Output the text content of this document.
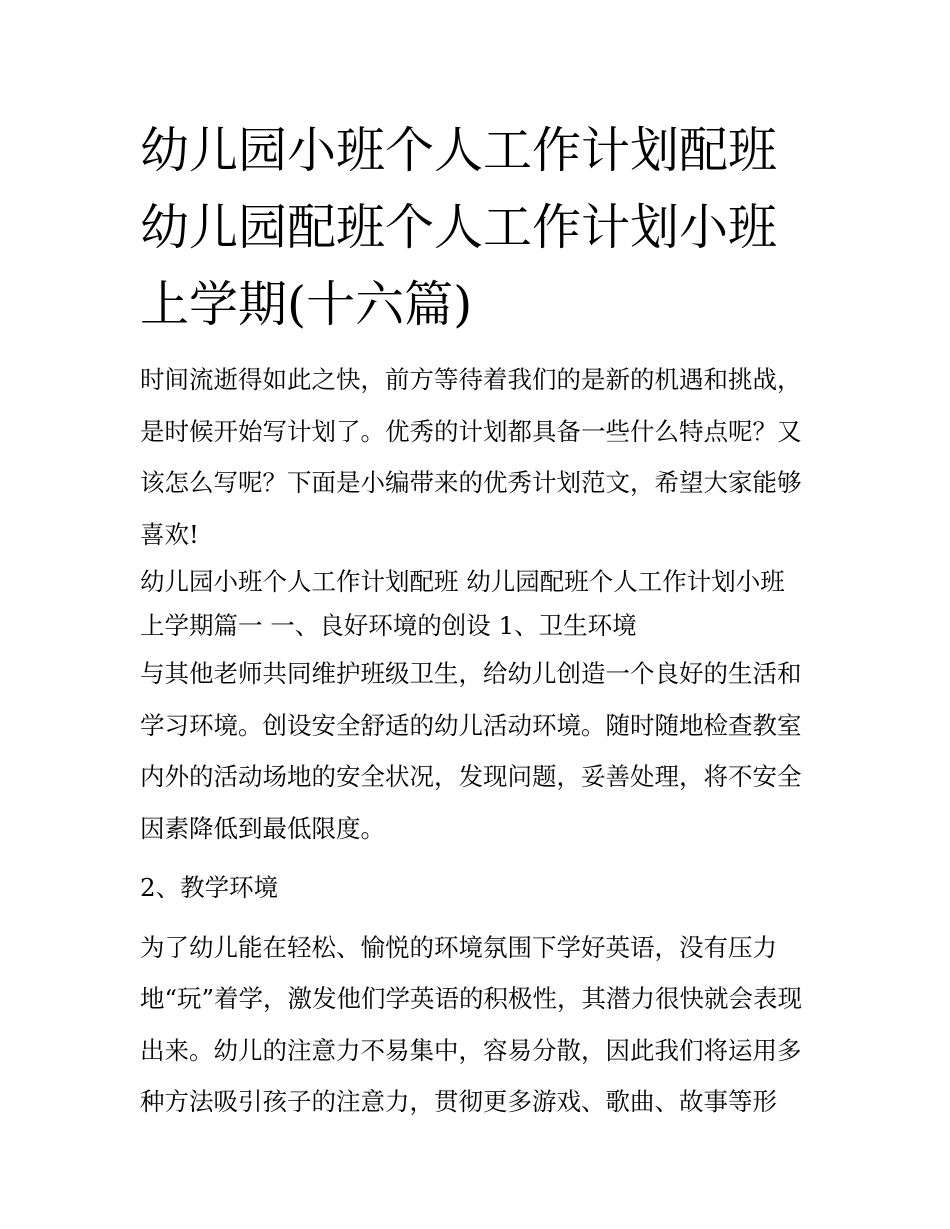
幼儿园小班个人工作计划配班
幼儿园配班个人工作计划小班
上学期(十六篇)

时间流逝得如此之快，前方等待着我们的是新的机遇和挑战，
是时候开始写计划了。优秀的计划都具备一些什么特点呢？又
该怎么写呢？下面是小编带来的优秀计划范文，希望大家能够
喜欢!

幼儿园小班个人工作计划配班 幼儿园配班个人工作计划小班
上学期篇一 一、良好环境的创设 1、卫生环境

与其他老师共同维护班级卫生，给幼儿创造一个良好的生活和
学习环境。创设安全舒适的幼儿活动环境。随时随地检查教室
内外的活动场地的安全状况，发现问题，妥善处理，将不安全
因素降低到最低限度。

2、教学环境

为了幼儿能在轻松、愉悦的环境氛围下学好英语，没有压力
地“玩”着学，激发他们学英语的积极性，其潜力很快就会表现
出来。幼儿的注意力不易集中，容易分散，因此我们将运用多
种方法吸引孩子的注意力，贯彻更多游戏、歌曲、故事等形
